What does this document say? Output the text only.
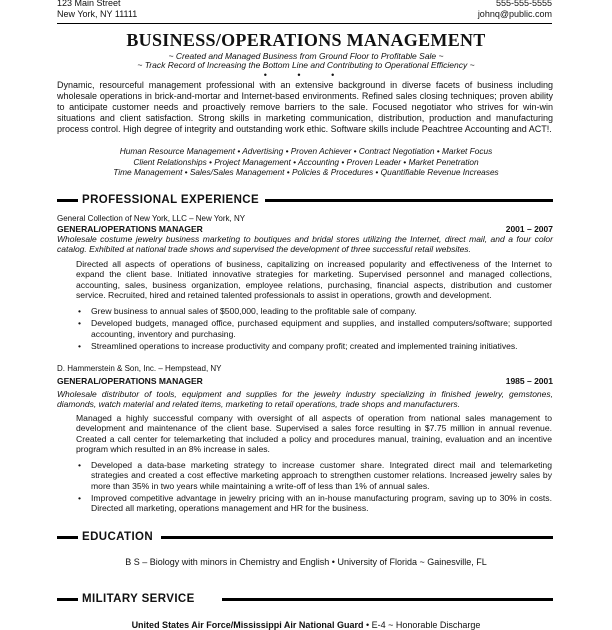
123 Main Street
New York, NY 11111
555-555-5555
johnq@public.com
BUSINESS/OPERATIONS MANAGEMENT
~ Created and Managed Business from Ground Floor to Profitable Sale ~
~ Track Record of Increasing the Bottom Line and Contributing to Operational Efficiency ~
• • •
Dynamic, resourceful management professional with an extensive background in diverse facets of business including wholesale operations in brick-and-mortar and Internet-based environments. Refined sales closing techniques; proven ability to anticipate customer needs and proactively remove barriers to the sale. Focused negotiator who strives for win-win situations and client satisfaction. Strong skills in marketing communication, distribution, production and manufacturing process control. High degree of integrity and outstanding work ethic. Software skills include Peachtree Accounting and ACT!.
Human Resource Management • Advertising • Proven Achiever • Contract Negotiation • Market Focus
Client Relationships • Project Management • Accounting • Proven Leader • Market Penetration
Time Management • Sales/Sales Management • Policies & Procedures • Quantifiable Revenue Increases
PROFESSIONAL EXPERIENCE
General Collection of New York, LLC – New York, NY
GENERAL/OPERATIONS MANAGER	2001 – 2007
Wholesale costume jewelry business marketing to boutiques and bridal stores utilizing the Internet, direct mail, and a four color catalog. Exhibited at national trade shows and supervised the development of three successful retail websites.
Directed all aspects of operations of business, capitalizing on increased popularity and effectiveness of the Internet to expand the client base. Initiated innovative strategies for marketing. Supervised personnel and managed collections, accounting, sales, business organization, employee relations, purchasing, financial aspects, distribution and customer service. Recruited, hired and retained talented professionals to assist in operations, growth and development.
• Grew business to annual sales of $500,000, leading to the profitable sale of company.
• Developed budgets, managed office, purchased equipment and supplies, and installed computers/software; supported accounting, inventory and purchasing.
• Streamlined operations to increase productivity and company profit; created and implemented training initiatives.
D. Hammerstein & Son, Inc. – Hempstead, NY
GENERAL/OPERATIONS MANAGER	1985 – 2001
Wholesale distributor of tools, equipment and supplies for the jewelry industry specializing in finished jewelry, gemstones, diamonds, watch material and related items, marketing to retail operations, trade shops and manufacturers.
Managed a highly successful company with oversight of all aspects of operation from national sales management to development and maintenance of the client base. Supervised a sales force resulting in $7.75 million in annual revenue. Created a call center for telemarketing that included a policy and procedures manual, training, evaluation and an incentive program which resulted in an 8% increase in sales.
• Developed a data-base marketing strategy to increase customer share. Integrated direct mail and telemarketing strategies and created a cost effective marketing approach to strengthen customer relations. Increased jewelry sales by more than 35% in two years while maintaining a write-off of less than 1% of annual sales.
• Improved competitive advantage in jewelry pricing with an in-house manufacturing program, saving up to 30% in costs. Directed all marketing, operations management and HR for the business.
EDUCATION
B S – Biology with minors in Chemistry and English • University of Florida ~ Gainesville, FL
MILITARY SERVICE
United States Air Force/Mississippi Air National Guard • E-4 ~ Honorable Discharge
